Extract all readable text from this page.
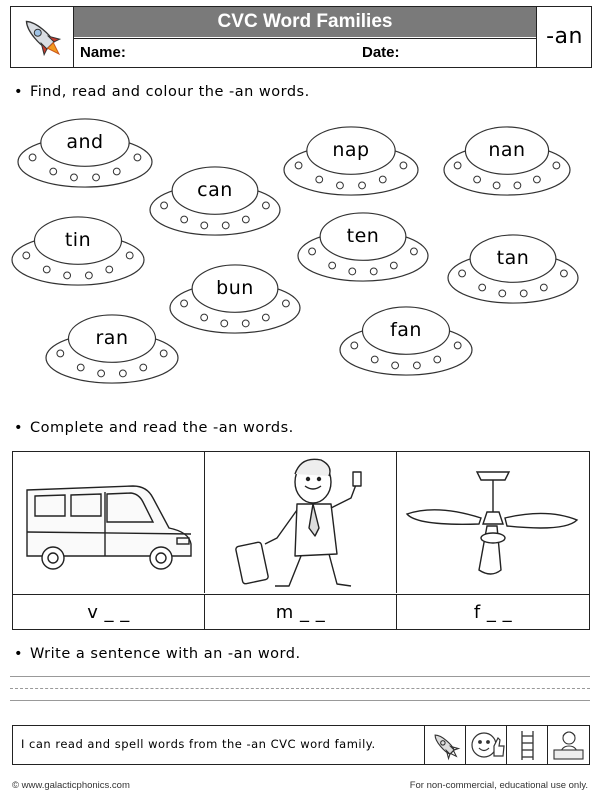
CVC Word Families
Name:	Date:
-an
• Find, read and colour the -an words.
and	nap	nan
can
tin	ten
tan
bun
ran	fan
• Complete and read the -an words.
v _ _	m _ _	f _ _
• Write a sentence with an -an word.
I can read and spell words from the -an CVC word family.
© www.galacticphonics.com	For non-commercial, educational use only.
